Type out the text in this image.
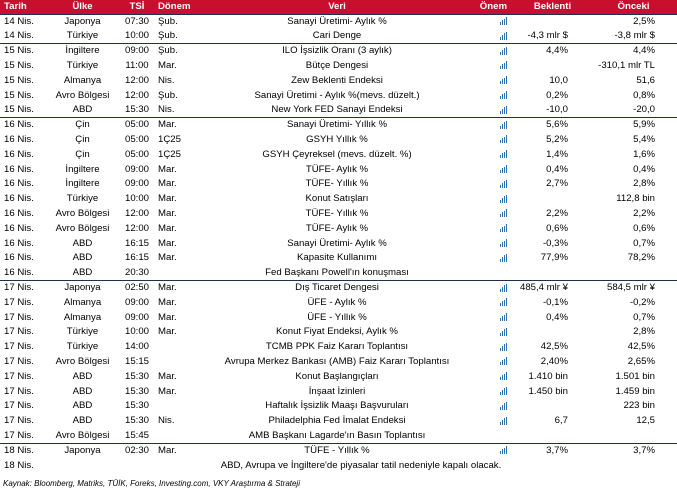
Tarih	Ülke	TSİ	Dönem	Veri	Önem	Beklenti	Önceki
14 Nis.	Japonya	07:30	Şub.	Sanayi Üretimi- Aylık %			2,5%
14 Nis.	Türkiye	10:00	Şub.	Cari Denge		-4,3 mlr $	-3,8 mlr $
15 Nis.	İngiltere	09:00	Şub.	ILO İşsizlik Oranı (3 aylık)		4,4%	4,4%
15 Nis.	Türkiye	11:00	Mar.	Bütçe Dengesi			-310,1 mlr TL
15 Nis.	Almanya	12:00	Nis.	Zew Beklenti Endeksi		10,0	51,6
15 Nis.	Avro Bölgesi	12:00	Şub.	Sanayi Üretimi - Aylık %(mevs. düzelt.)		0,2%	0,8%
15 Nis.	ABD	15:30	Nis.	New York FED Sanayi Endeksi		-10,0	-20,0
16 Nis.	Çin	05:00	Mar.	Sanayi Üretimi- Yıllık %		5,6%	5,9%
16 Nis.	Çin	05:00	1Ç25	GSYH Yıllık %		5,2%	5,4%
16 Nis.	Çin	05:00	1Ç25	GSYH Çeyreksel (mevs. düzelt. %)		1,4%	1,6%
16 Nis.	İngiltere	09:00	Mar.	TÜFE- Aylık %		0,4%	0,4%
16 Nis.	İngiltere	09:00	Mar.	TÜFE- Yıllık %		2,7%	2,8%
16 Nis.	Türkiye	10:00	Mar.	Konut Satışları			112,8 bin
16 Nis.	Avro Bölgesi	12:00	Mar.	TÜFE- Yıllık %		2,2%	2,2%
16 Nis.	Avro Bölgesi	12:00	Mar.	TÜFE- Aylık %		0,6%	0,6%
16 Nis.	ABD	16:15	Mar.	Sanayi Üretimi- Aylık %		-0,3%	0,7%
16 Nis.	ABD	16:15	Mar.	Kapasite Kullanımı		77,9%	78,2%
16 Nis.	ABD	20:30		Fed Başkanı Powell'ın konuşması			
17 Nis.	Japonya	02:50	Mar.	Dış Ticaret Dengesi		485,4 mlr ¥	584,5 mlr ¥
17 Nis.	Almanya	09:00	Mar.	ÜFE - Aylık %		-0,1%	-0,2%
17 Nis.	Almanya	09:00	Mar.	ÜFE - Yıllık %		0,4%	0,7%
17 Nis.	Türkiye	10:00	Mar.	Konut Fiyat Endeksi, Aylık %			2,8%
17 Nis.	Türkiye	14:00		TCMB PPK Faiz Kararı Toplantısı		42,5%	42,5%
17 Nis.	Avro Bölgesi	15:15		Avrupa Merkez Bankası (AMB) Faiz Kararı Toplantısı		2,40%	2,65%
17 Nis.	ABD	15:30	Mar.	Konut Başlangıçları		1.410 bin	1.501 bin
17 Nis.	ABD	15:30	Mar.	İnşaat İzinleri		1.450 bin	1.459 bin
17 Nis.	ABD	15:30		Haftalık İşsizlik Maaşı Başvuruları			223 bin
17 Nis.	ABD	15:30	Nis.	Philadelphia Fed İmalat Endeksi		6,7	12,5
17 Nis.	Avro Bölgesi	15:45		AMB Başkanı Lagarde'ın Basın Toplantısı			
18 Nis.	Japonya	02:30	Mar.	TÜFE - Yıllık %		3,7%	3,7%
18 Nis.	ABD, Avrupa ve İngiltere'de piyasalar tatil nedeniyle kapalı olacak.						
Kaynak: Bloomberg, Matriks, TÜİK, Foreks, Investing.com, VKY Araştırma & Strateji
